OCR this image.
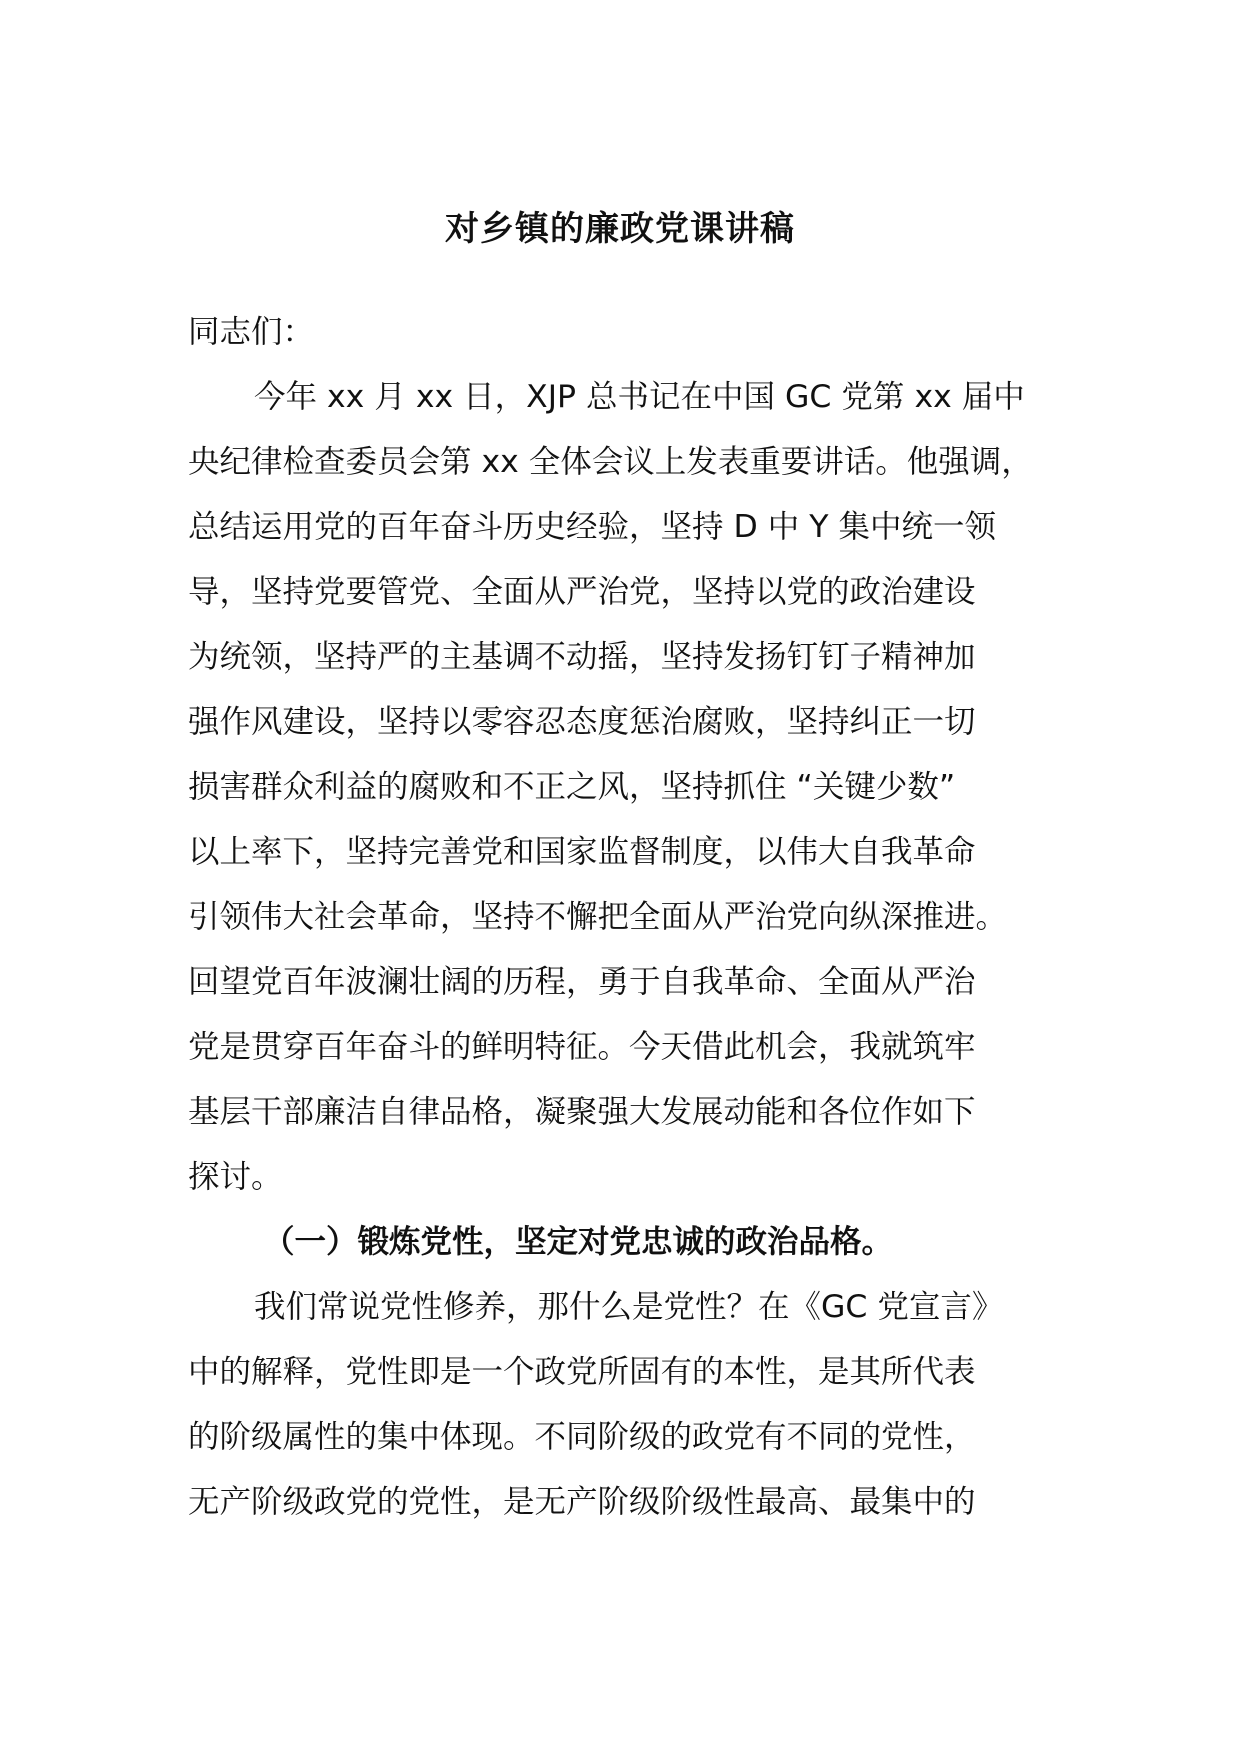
对乡镇的廉政党课讲稿
同志们：
今年 xx 月 xx 日，XJP 总书记在中国 GC 党第 xx 届中
央纪律检查委员会第 xx 全体会议上发表重要讲话。他强调，
总结运用党的百年奋斗历史经验，坚持 D 中 Y 集中统一领
导，坚持党要管党、全面从严治党，坚持以党的政治建设
为统领，坚持严的主基调不动摇，坚持发扬钉钉子精神加
强作风建设，坚持以零容忍态度惩治腐败，坚持纠正一切
损害群众利益的腐败和不正之风，坚持抓住 “关键少数”
以上率下，坚持完善党和国家监督制度，以伟大自我革命
引领伟大社会革命，坚持不懈把全面从严治党向纵深推进。
回望党百年波澜壮阔的历程，勇于自我革命、全面从严治
党是贯穿百年奋斗的鲜明特征。今天借此机会，我就筑牢
基层干部廉洁自律品格，凝聚强大发展动能和各位作如下
探讨。
（一）锻炼党性，坚定对党忠诚的政治品格。
我们常说党性修养，那什么是党性？在《GC 党宣言》
中的解释，党性即是一个政党所固有的本性，是其所代表
的阶级属性的集中体现。不同阶级的政党有不同的党性，
无产阶级政党的党性，是无产阶级阶级性最高、最集中的
